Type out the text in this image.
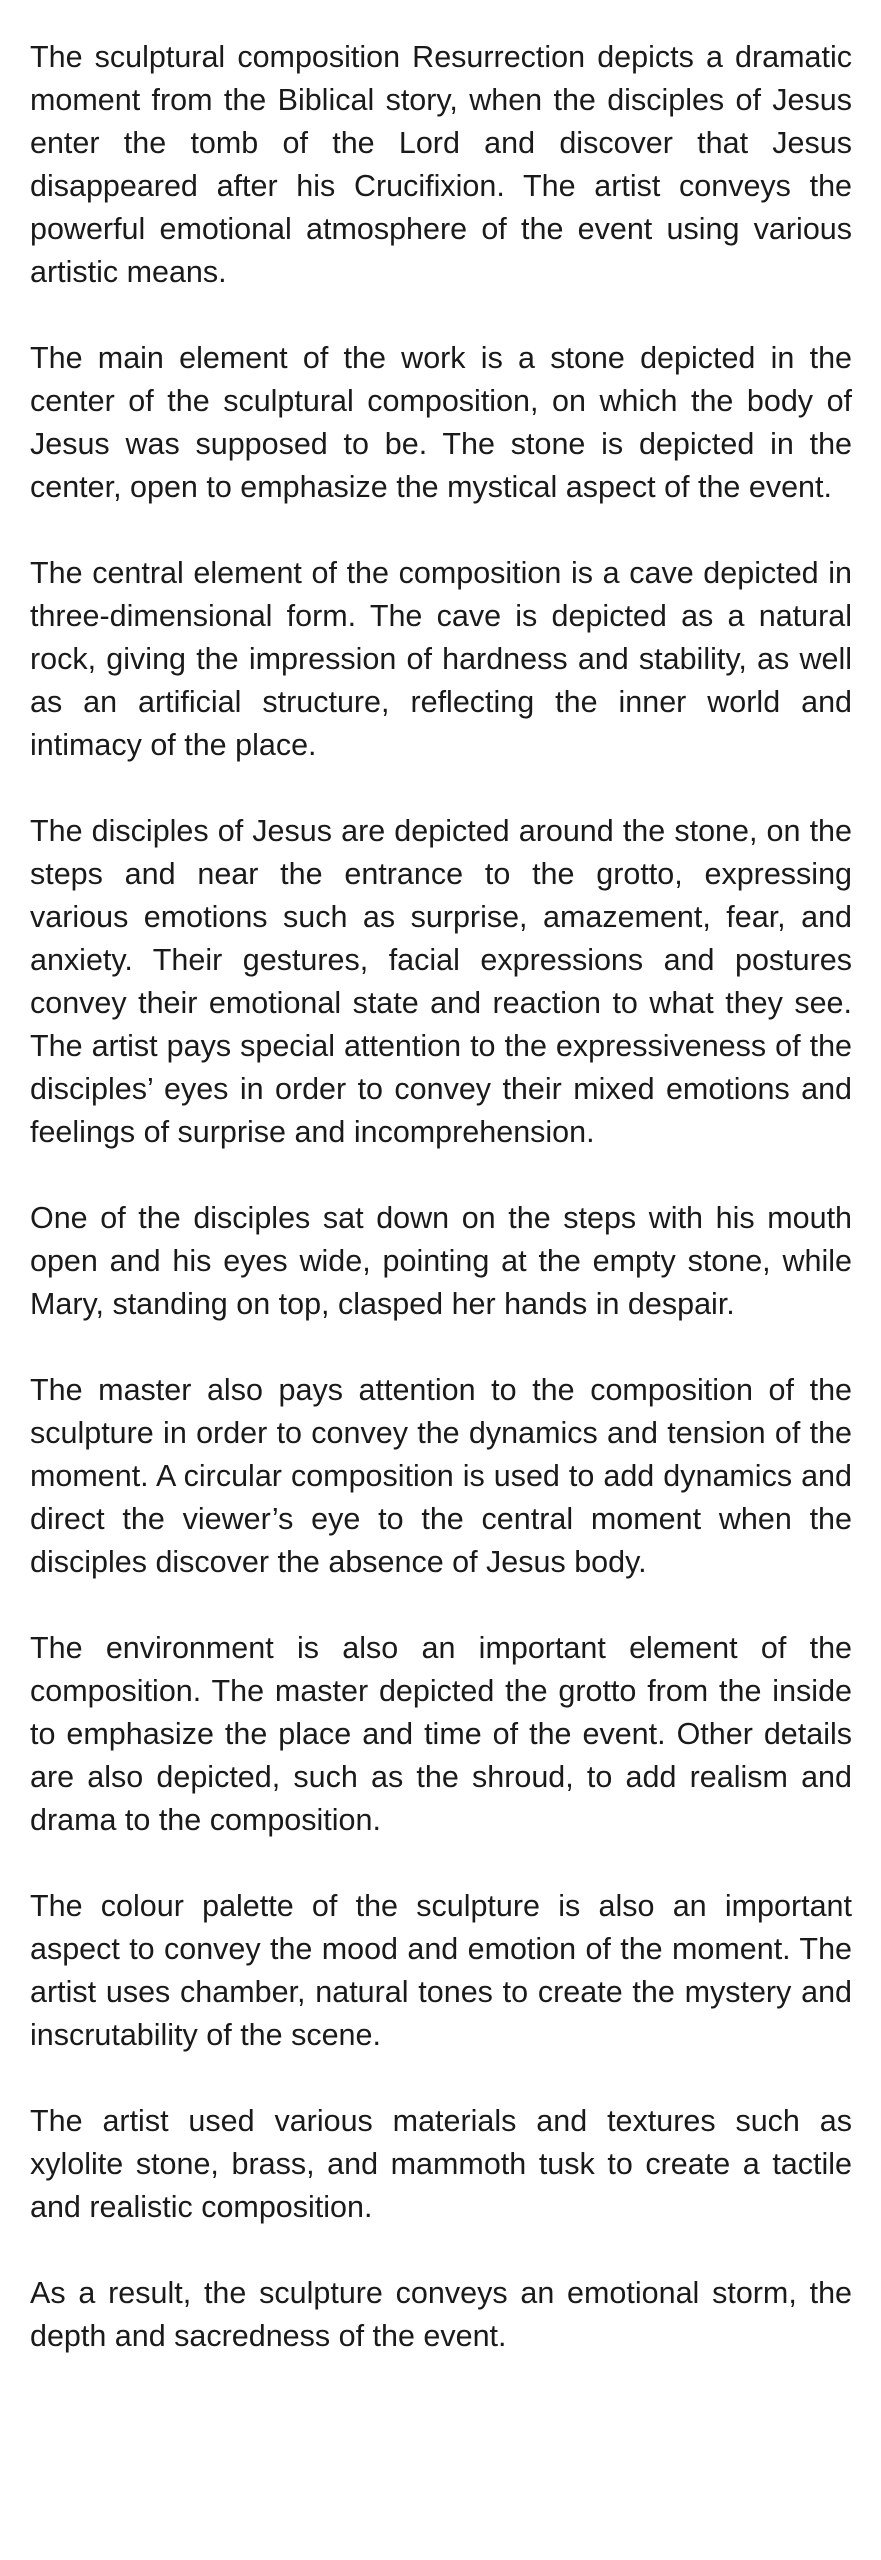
The sculptural composition Resurrection depicts a dramatic moment from the Biblical story, when the disciples of Jesus enter the tomb of the Lord and discover that Jesus disappeared after his Crucifixion. The artist conveys the powerful emotional atmosphere of the event using various artistic means.

The main element of the work is a stone depicted in the center of the sculptural composition, on which the body of Jesus was supposed to be. The stone is depicted in the center, open to emphasize the mystical aspect of the event.

The central element of the composition is a cave depicted in three-dimensional form. The cave is depicted as a natural rock, giving the impression of hardness and stability, as well as an artificial structure, reflecting the inner world and intimacy of the place.

The disciples of Jesus are depicted around the stone, on the steps and near the entrance to the grotto, expressing various emotions such as surprise, amazement, fear, and anxiety. Their gestures, facial expressions and postures convey their emotional state and reaction to what they see. The artist pays special attention to the expressiveness of the disciples’ eyes in order to convey their mixed emotions and feelings of surprise and incomprehension.

One of the disciples sat down on the steps with his mouth open and his eyes wide, pointing at the empty stone, while Mary, standing on top, clasped her hands in despair.

The master also pays attention to the composition of the sculpture in order to convey the dynamics and tension of the moment. A circular composition is used to add dynamics and direct the viewer’s eye to the central moment when the disciples discover the absence of Jesus body.

The environment is also an important element of the composition. The master depicted the grotto from the inside to emphasize the place and time of the event. Other details are also depicted, such as the shroud, to add realism and drama to the composition.

The colour palette of the sculpture is also an important aspect to convey the mood and emotion of the moment. The artist uses chamber, natural tones to create the mystery and inscrutability of the scene.

The artist used various materials and textures such as xylolite stone, brass, and mammoth tusk to create a tactile and realistic composition.

As a result, the sculpture conveys an emotional storm, the depth and sacredness of the event.
